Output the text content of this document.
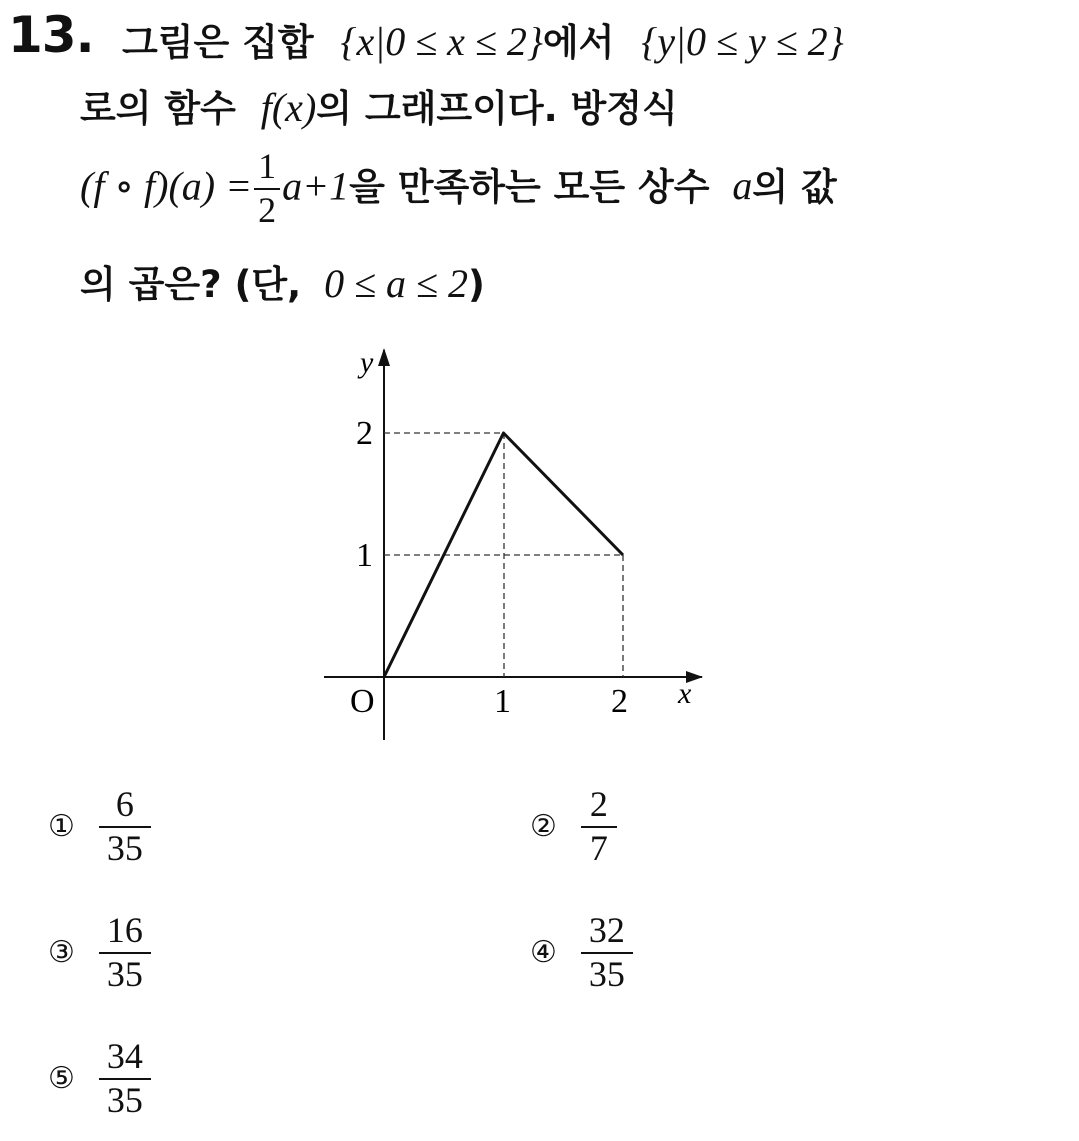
13. 그림은 집합 {x|0 ≤ x ≤ 2}에서 {y|0 ≤ y ≤ 2}
로의 함수 f(x)의 그래프이다. 방정식
(f ∘ $f)(a) = \frac{1}{2} a+1$을 만족하는 모든 상수 a의 값
의 곱은? (단, 0 ≤ a ≤ 2)
y
x
O	1	2
1
2
① $\frac{6}{35}$	② $\frac{2}{7}$
③ $\frac{16}{35}$	④ $\frac{32}{35}$
⑤ $\frac{34}{35}$
